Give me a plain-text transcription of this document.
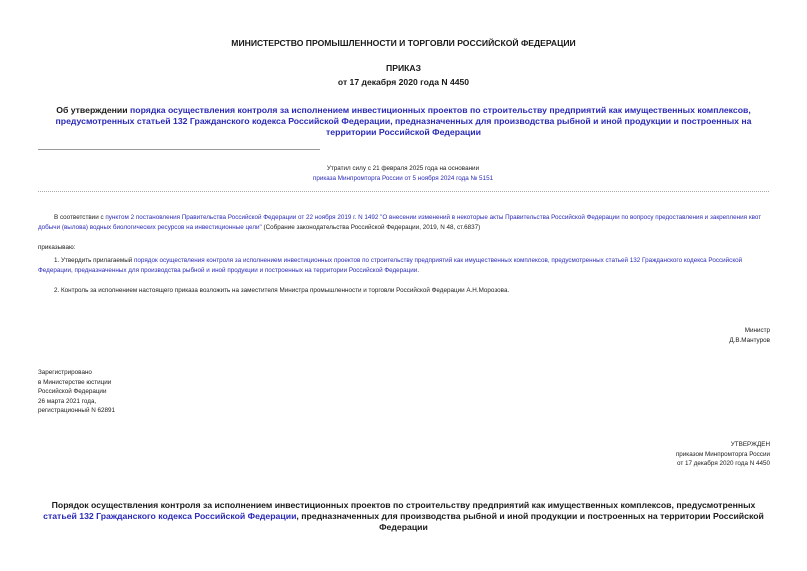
МИНИСТЕРСТВО ПРОМЫШЛЕННОСТИ И ТОРГОВЛИ РОССИЙСКОЙ ФЕДЕРАЦИИ
ПРИКАЗ
от 17 декабря 2020 года N 4450
Об утверждении порядка осуществления контроля за исполнением инвестиционных проектов по строительству предприятий как имущественных комплексов, предусмотренных статьей 132 Гражданского кодекса Российской Федерации, предназначенных для производства рыбной и иной продукции и построенных на территории Российской Федерации
Утратил силу с 21 февраля 2025 года на основании
приказа Минпромторга России от 5 ноября 2024 года № 5151
В соответствии с пунктом 2 постановления Правительства Российской Федерации от 22 ноября 2019 г. N 1492 "О внесении изменений в некоторые акты Правительства Российской Федерации по вопросу предоставления и закрепления квот добычи (вылова) водных биологических ресурсов на инвестиционные цели" (Собрание законодательства Российской Федерации, 2019, N 48, ст.6837)
приказываю:
1. Утвердить прилагаемый порядок осуществления контроля за исполнением инвестиционных проектов по строительству предприятий как имущественных комплексов, предусмотренных статьей 132 Гражданского кодекса Российской Федерации, предназначенных для производства рыбной и иной продукции и построенных на территории Российской Федерации.
2. Контроль за исполнением настоящего приказа возложить на заместителя Министра промышленности и торговли Российской Федерации А.Н.Морозова.
Министр
Д.В.Мантуров
Зарегистрировано
в Министерстве юстиции
Российской Федерации
26 марта 2021 года,
регистрационный N 62891
УТВЕРЖДЕН
приказом Минпромторга России
от 17 декабря 2020 года N 4450
Порядок осуществления контроля за исполнением инвестиционных проектов по строительству предприятий как имущественных комплексов, предусмотренных статьей 132 Гражданского кодекса Российской Федерации, предназначенных для производства рыбной и иной продукции и построенных на территории Российской Федерации
